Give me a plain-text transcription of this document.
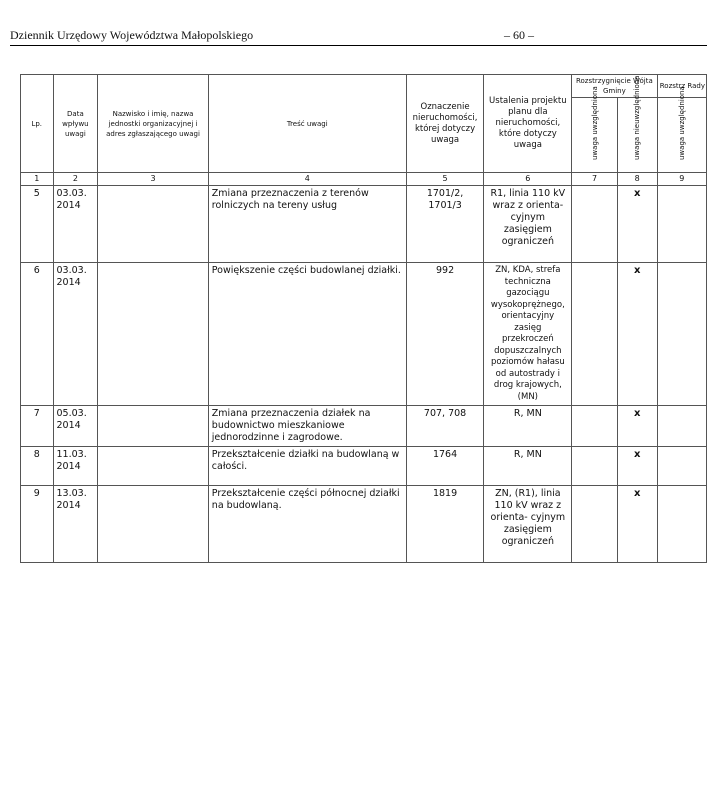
Dziennik Urzędowy Województwa Małopolskiego	– 60 –
Lp.	Data wpływu uwagi	Nazwisko i imię, nazwa jednostki organizacyjnej i adres zgłaszającego uwagi	Treść uwagi	Oznaczenie nieruchomości, której dotyczy uwaga	Ustalenia projektu planu dla nieruchomości, które dotyczy uwaga	Rozstrzygnięcie Wójta Gminy		Rozstrz Rady

						uwaga uwzględniona	uwaga nieuwzględniona	uwaga uwzględniona

1	2	3	4	5	6	7	8	9
5	03.03. 2014		Zmiana przeznaczenia z terenów rolniczych na tereny usług	1701/2, 1701/3	R1, linia 110 kV wraz z orienta- cyjnym zasięgiem ograniczeń		x	
6	03.03. 2014		Powiększenie części budowlanej działki.	992	ZN, KDA, strefa techniczna gazociągu wysokoprężnego, orientacyjny zasięg przekroczeń dopuszczalnych poziomów hałasu od autostrady i drog krajowych, (MN)		x	
7	05.03. 2014		Zmiana przeznaczenia działek na budownictwo mieszkaniowe jednorodzinne i zagrodowe.	707, 708	R, MN		x	
8	11.03. 2014		Przekształcenie działki na budowlaną w całości.	1764	R, MN		x	
9	13.03. 2014		Przekształcenie części północnej działki na budowlaną.	1819	ZN, (R1), linia 110 kV wraz z orienta- cyjnym zasięgiem ograniczeń		x	
